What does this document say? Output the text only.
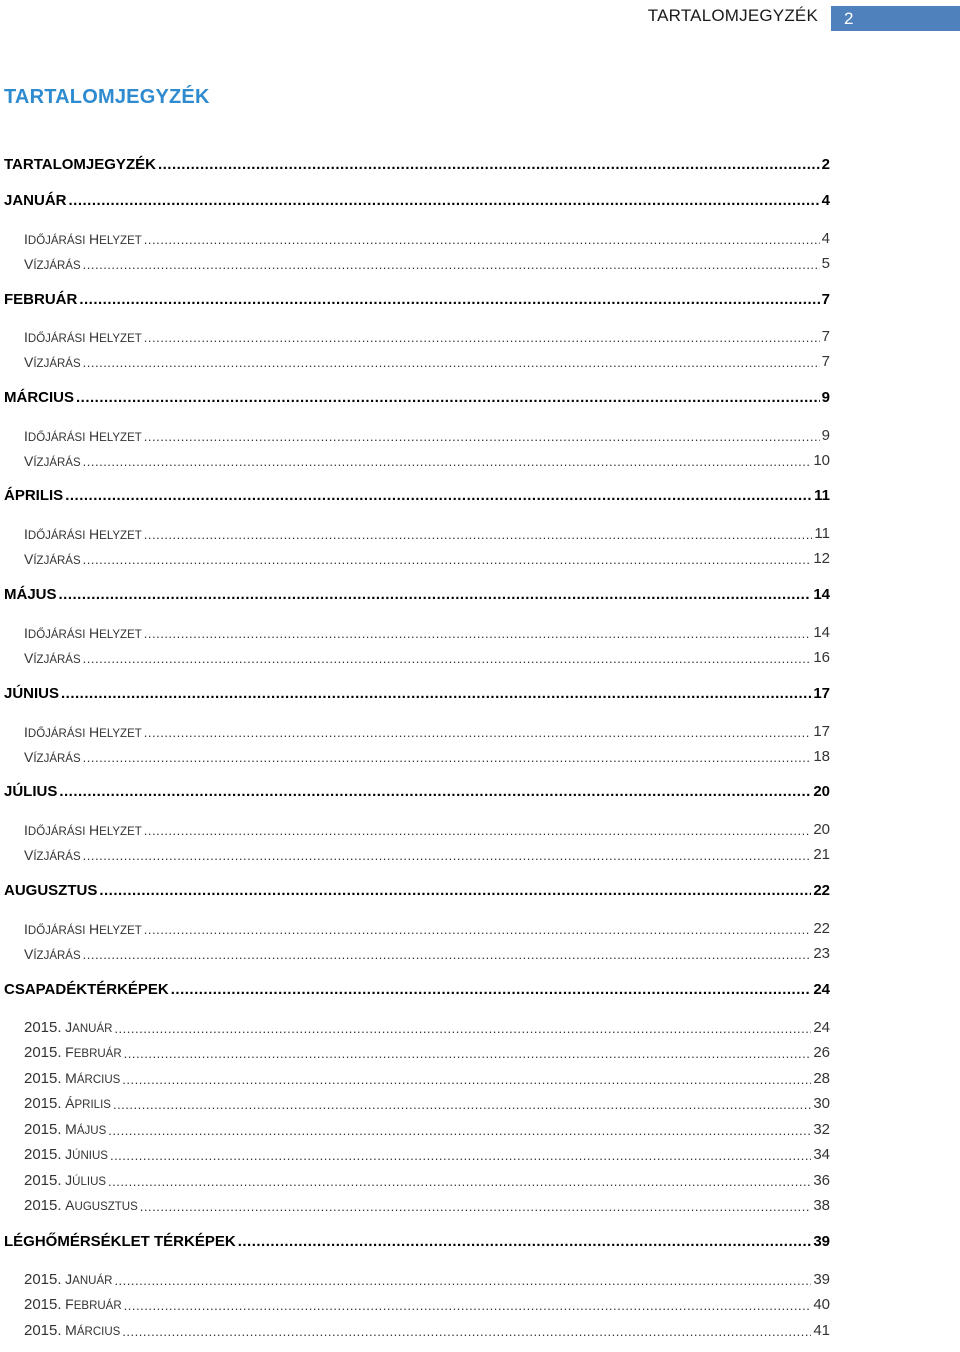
TARTALOMJEGYZÉK	2
TARTALOMJEGYZÉK
TARTALOMJEGYZÉK .....	2
JANUÁR .....	4
IDŐJÁRÁSI HELYZET .....	4
VÍZJÁRÁS .....	5
FEBRUÁR .....	7
IDŐJÁRÁSI HELYZET .....	7
VÍZJÁRÁS .....	7
MÁRCIUS .....	9
IDŐJÁRÁSI HELYZET .....	9
VÍZJÁRÁS .....	10
ÁPRILIS .....	11
IDŐJÁRÁSI HELYZET .....	11
VÍZJÁRÁS .....	12
MÁJUS .....	14
IDŐJÁRÁSI HELYZET .....	14
VÍZJÁRÁS .....	16
JÚNIUS .....	17
IDŐJÁRÁSI HELYZET .....	17
VÍZJÁRÁS .....	18
JÚLIUS .....	20
IDŐJÁRÁSI HELYZET .....	20
VÍZJÁRÁS .....	21
AUGUSZTUS .....	22
IDŐJÁRÁSI HELYZET .....	22
VÍZJÁRÁS .....	23
CSAPADÉKTÉRKÉPEK .....	24
2015. JANUÁR .....	24
2015. FEBRUÁR .....	26
2015. MÁRCIUS .....	28
2015. ÁPRILIS .....	30
2015. MÁJUS .....	32
2015. JÚNIUS .....	34
2015. JÚLIUS .....	36
2015. AUGUSZTUS .....	38
LÉGHŐMÉRSÉKLET TÉRKÉPEK .....	39
2015. JANUÁR .....	39
2015. FEBRUÁR .....	40
2015. MÁRCIUS .....	41
